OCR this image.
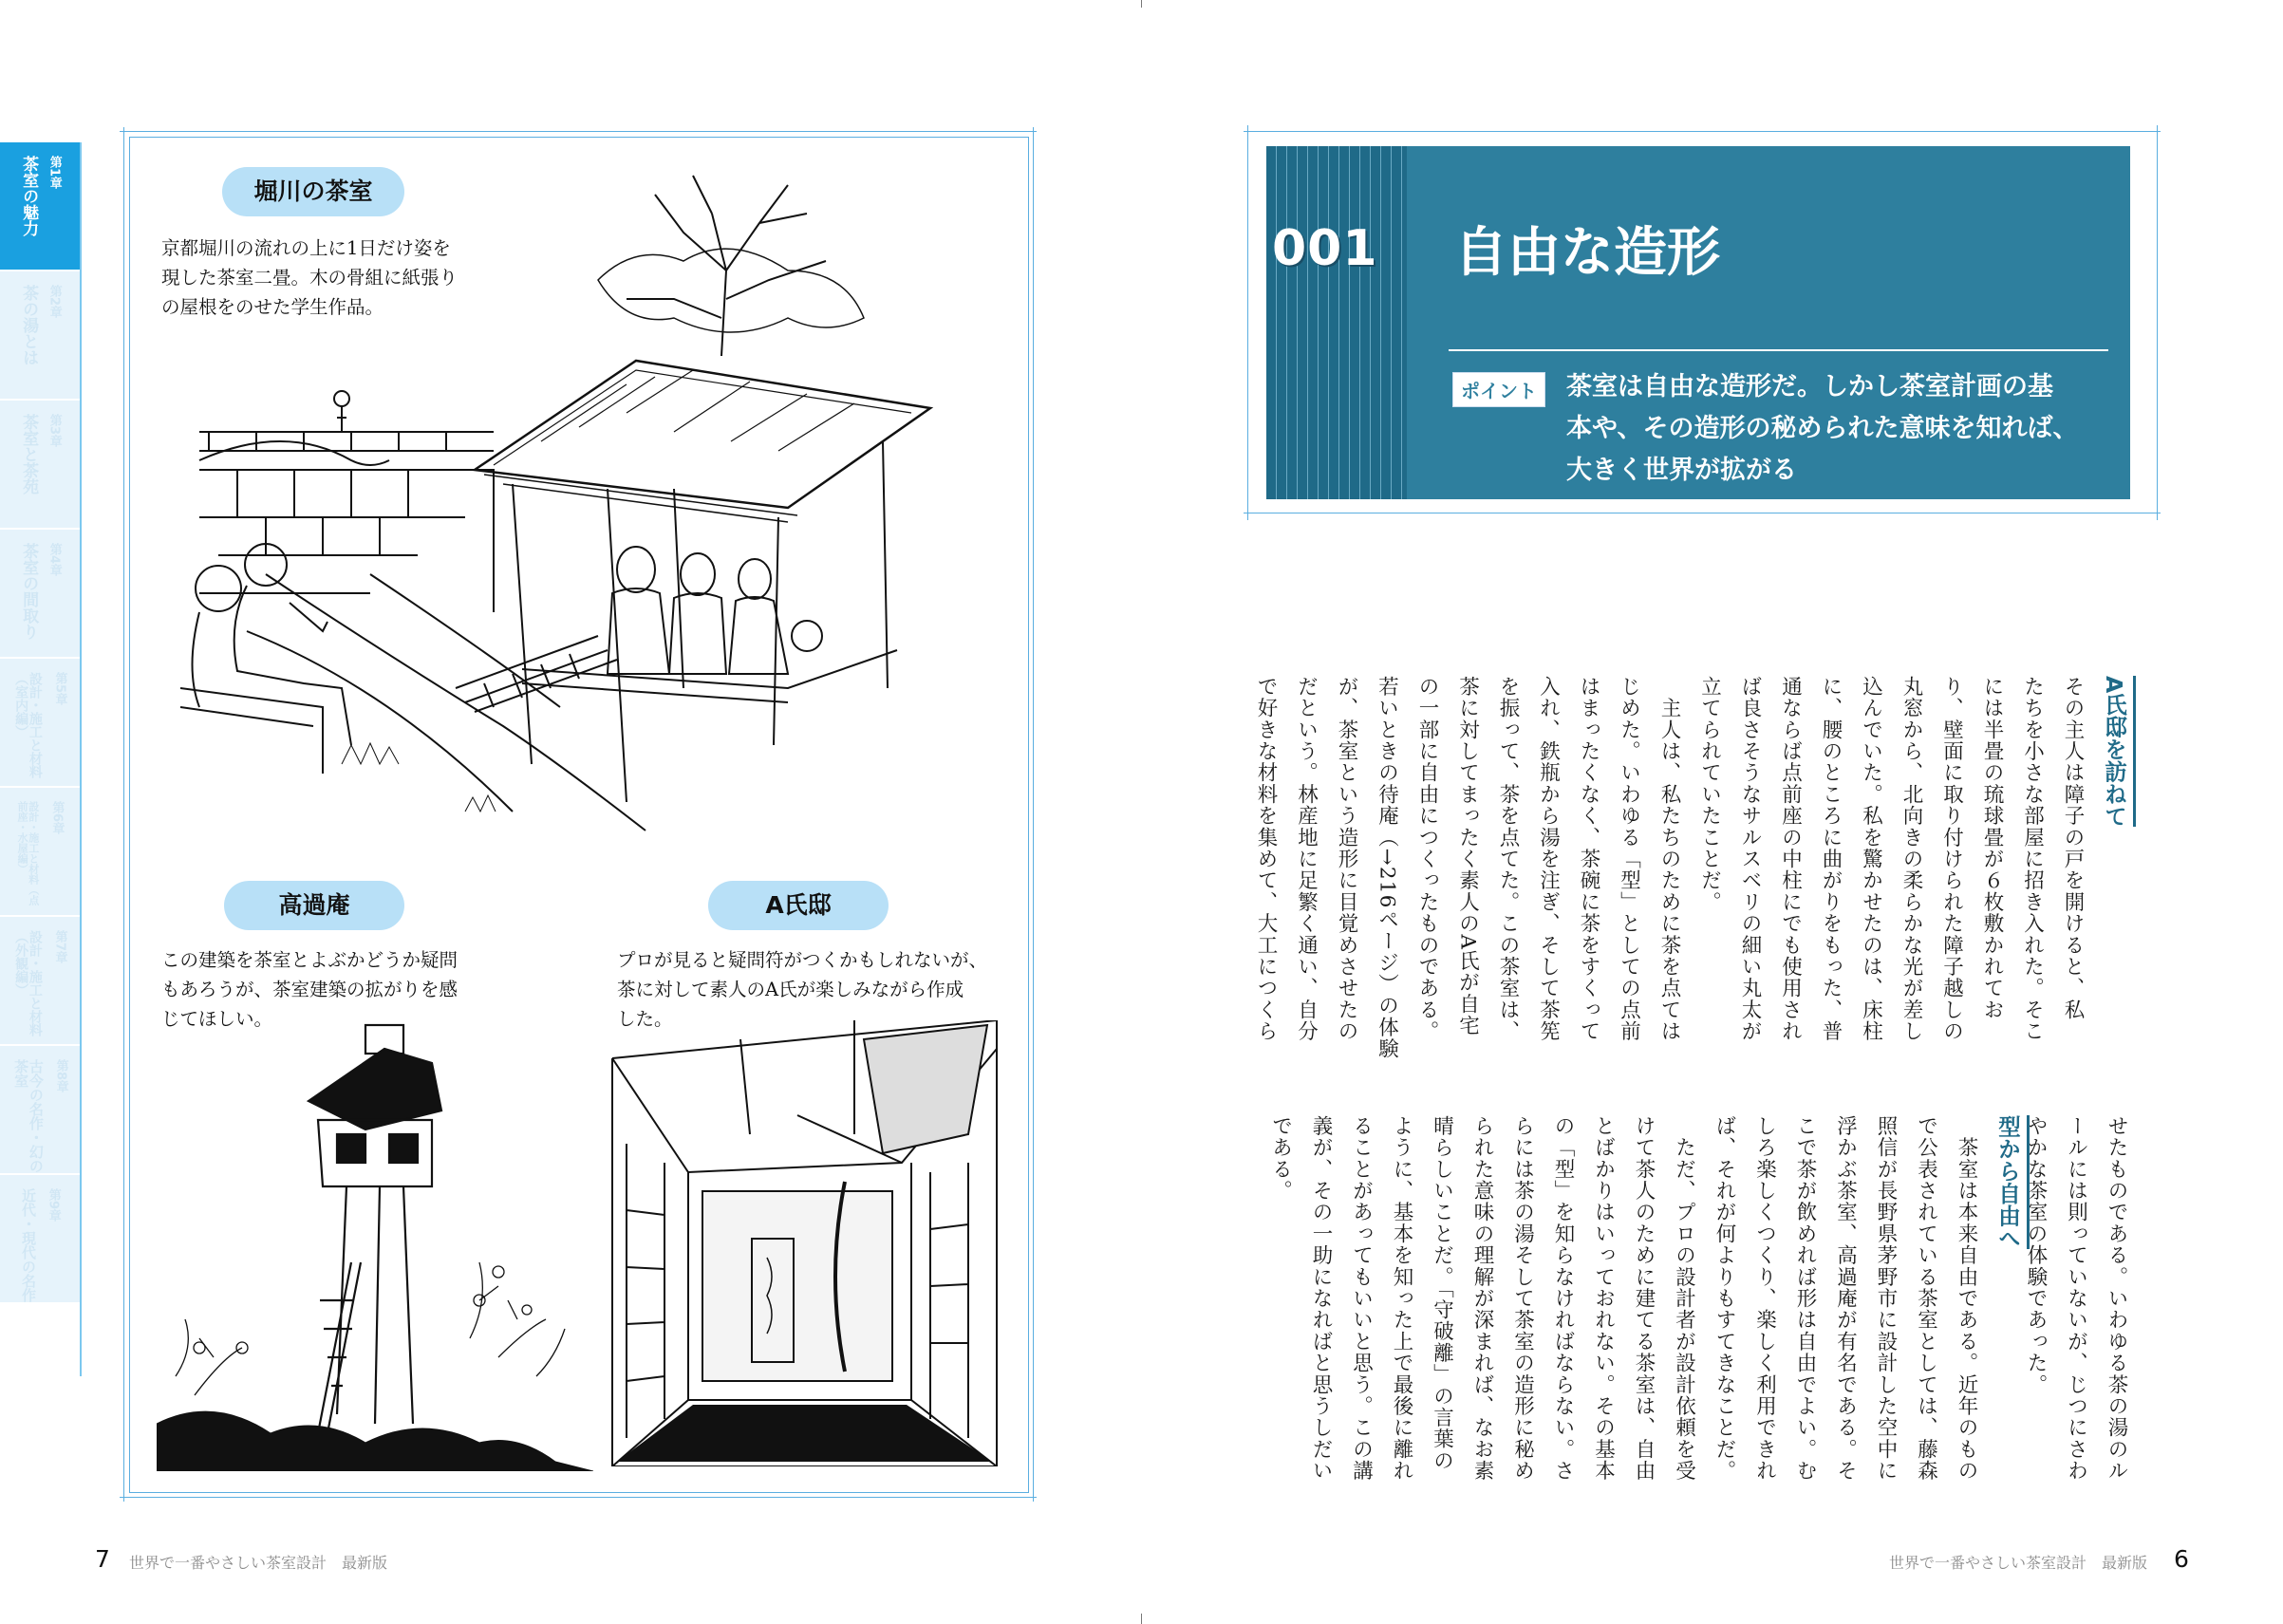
第1章
茶室の魅力
第2章
茶の湯とは
第3章
茶室と茶苑
第4章
茶室の間取り
第5章
設計・施工と材料（室内編）
第6章
設計・施工と材料（点前座・水屋編）
第7章
設計・施工と材料（外観編）
第8章
古今の名作・幻の茶室
第9章
近代・現代の名作
堀川の茶室
京都堀川の流れの上に1日だけ姿を
現した茶室二畳。木の骨組に紙張り
の屋根をのせた学生作品。
高過庵
この建築を茶室とよぶかどうか疑問
もあろうが、茶室建築の拡がりを感
じてほしい。
A氏邸
プロが見ると疑問符がつくかもしれないが、
茶に対して素人のA氏が楽しみながら作成
した。
7 世界で一番やさしい茶室設計　最新版
001 自由な造形
ポイント	茶室は自由な造形だ。しかし茶室計画の基
本や、その造形の秘められた意味を知れば、
大きく世界が拡がる
A氏邸を訪ねて
その主人は障子の戸を開けると、私
たちを小さな部屋に招き入れた。そこ
には半畳の琉球畳が６枚敷かれてお
り、壁面に取り付けられた障子越しの
丸窓から、北向きの柔らかな光が差し
込んでいた。私を驚かせたのは、床柱
に、腰のところに曲がりをもった、普
通ならば点前座の中柱にでも使用され
ば良さそうなサルスベリの細い丸太が
立てられていたことだ。
　主人は、私たちのために茶を点ては
じめた。いわゆる「型」としての点前
はまったくなく、茶碗に茶をすくって
入れ、鉄瓶から湯を注ぎ、そして茶筅
を振って、茶を点てた。この茶室は、
茶に対してまったく素人のA氏が自宅
の一部に自由につくったものである。
若いときの待庵（→216ページ）の体験
が、茶室という造形に目覚めさせたの
だという。林産地に足繁く通い、自分
で好きな材料を集めて、大工につくら
せたものである。いわゆる茶の湯のル
ールには則っていないが、じつにさわ
やかな茶室の体験であった。
型から自由へ
　茶室は本来自由である。近年のもの
で公表されている茶室としては、藤森
照信が長野県茅野市に設計した空中に
浮かぶ茶室、高過庵が有名である。そ
こで茶が飲めれば形は自由でよい。む
しろ楽しくつくり、楽しく利用できれ
ば、それが何よりもすてきなことだ。
　ただ、プロの設計者が設計依頼を受
けて茶人のために建てる茶室は、自由
とばかりはいっておれない。その基本
の「型」を知らなければならない。さ
らには茶の湯そして茶室の造形に秘め
られた意味の理解が深まれば、なお素
晴らしいことだ。「守破離」の言葉の
ように、基本を知った上で最後に離れ
ることがあってもいいと思う。この講
義が、その一助になればと思うしだい
である。
世界で一番やさしい茶室設計　最新版 6
